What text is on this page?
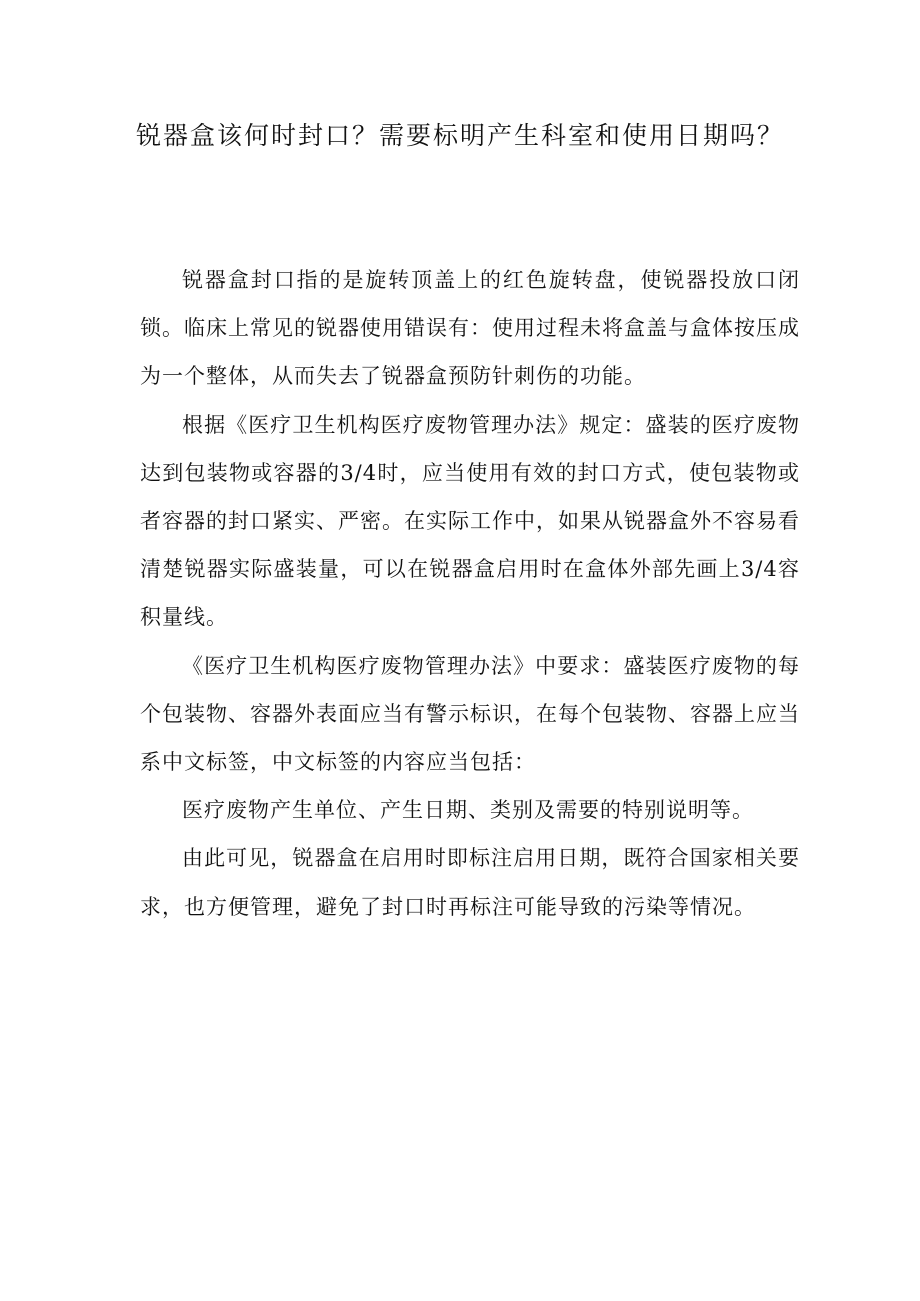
锐器盒该何时封口？需要标明产生科室和使用日期吗？

锐器盒封口指的是旋转顶盖上的红色旋转盘，使锐器投放口闭锁。临床上常见的锐器使用错误有：使用过程未将盒盖与盒体按压成为一个整体，从而失去了锐器盒预防针刺伤的功能。

根据《医疗卫生机构医疗废物管理办法》规定：盛装的医疗废物达到包装物或容器的3/4时，应当使用有效的封口方式，使包装物或者容器的封口紧实、严密。在实际工作中，如果从锐器盒外不容易看清楚锐器实际盛装量，可以在锐器盒启用时在盒体外部先画上3/4容积量线。

《医疗卫生机构医疗废物管理办法》中要求：盛装医疗废物的每个包装物、容器外表面应当有警示标识，在每个包装物、容器上应当系中文标签，中文标签的内容应当包括：

医疗废物产生单位、产生日期、类别及需要的特别说明等。

由此可见，锐器盒在启用时即标注启用日期，既符合国家相关要求，也方便管理，避免了封口时再标注可能导致的污染等情况。
